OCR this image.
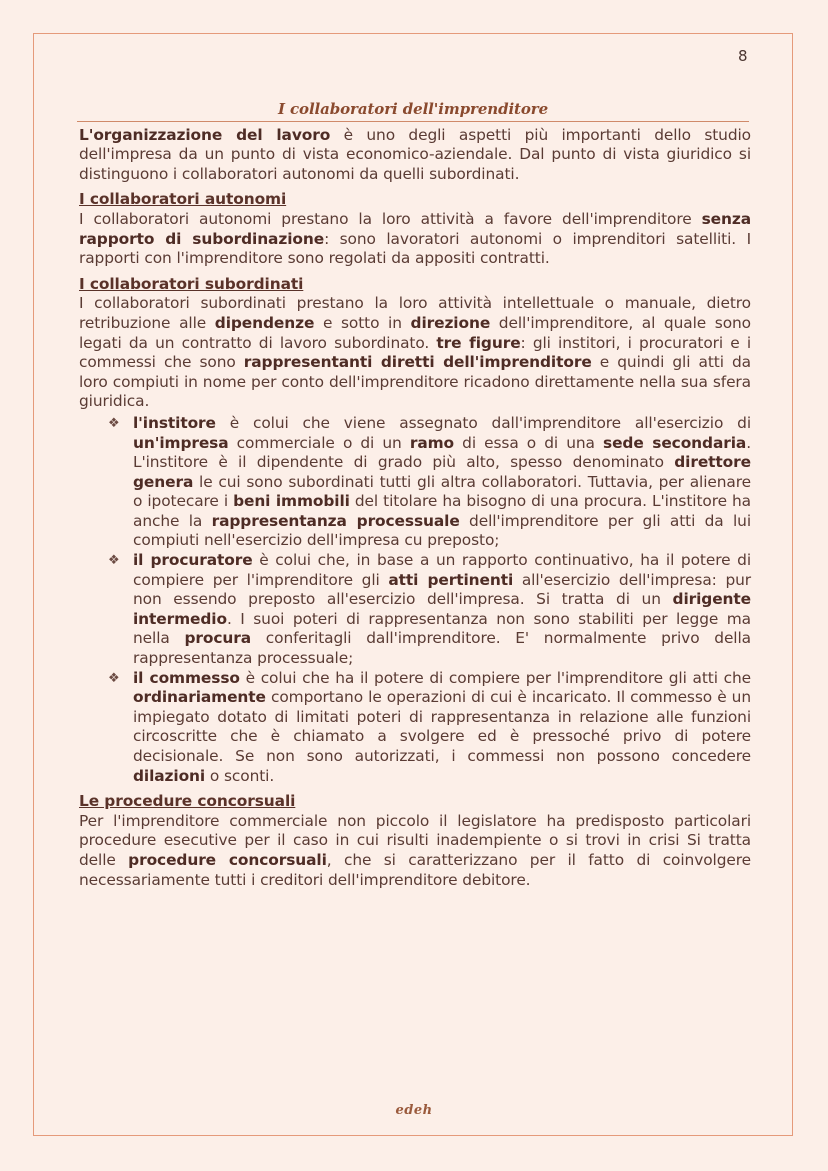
8
I collaboratori dell'imprenditore

L'organizzazione del lavoro è uno degli aspetti più importanti dello studio dell'impresa da un punto di vista economico-aziendale. Dal punto di vista giuridico si distinguono i collaboratori autonomi da quelli subordinati.

I collaboratori autonomi

I collaboratori autonomi prestano la loro attività a favore dell'imprenditore senza rapporto di subordinazione: sono lavoratori autonomi o imprenditori satelliti. I rapporti con l'imprenditore sono regolati da appositi contratti.

I collaboratori subordinati

I collaboratori subordinati prestano la loro attività intellettuale o manuale, dietro retribuzione alle dipendenze e sotto in direzione dell'imprenditore, al quale sono legati da un contratto di lavoro subordinato. tre figure: gli institori, i procuratori e i commessi che sono rappresentanti diretti dell'imprenditore e quindi gli atti da loro compiuti in nome per conto dell'imprenditore ricadono direttamente nella sua sfera giuridica.

❖ l'institore è colui che viene assegnato dall'imprenditore all'esercizio di un'impresa commerciale o di un ramo di essa o di una sede secondaria. L'institore è il dipendente di grado più alto, spesso denominato direttore genera le cui sono subordinati tutti gli altra collaboratori. Tuttavia, per alienare o ipotecare i beni immobili del titolare ha bisogno di una procura. L'institore ha anche la rappresentanza processuale dell'imprenditore per gli atti da lui compiuti nell'esercizio dell'impresa cu preposto;
❖ il procuratore è colui che, in base a un rapporto continuativo, ha il potere di compiere per l'imprenditore gli atti pertinenti all'esercizio dell'impresa: pur non essendo preposto all'esercizio dell'impresa. Si tratta di un dirigente intermedio. I suoi poteri di rappresentanza non sono stabiliti per legge ma nella procura conferitagli dall'imprenditore. E' normalmente privo della rappresentanza processuale;
❖ il commesso è colui che ha il potere di compiere per l'imprenditore gli atti che ordinariamente comportano le operazioni di cui è incaricato. Il commesso è un impiegato dotato di limitati poteri di rappresentanza in relazione alle funzioni circoscritte che è chiamato a svolgere ed è pressoché privo di potere decisionale. Se non sono autorizzati, i commessi non possono concedere dilazioni o sconti.
Le procedure concorsuali

Per l'imprenditore commerciale non piccolo il legislatore ha predisposto particolari procedure esecutive per il caso in cui risulti inadempiente o si trovi in crisi Si tratta delle procedure concorsuali, che si caratterizzano per il fatto di coinvolgere necessariamente tutti i creditori dell'imprenditore debitore.

edeh
